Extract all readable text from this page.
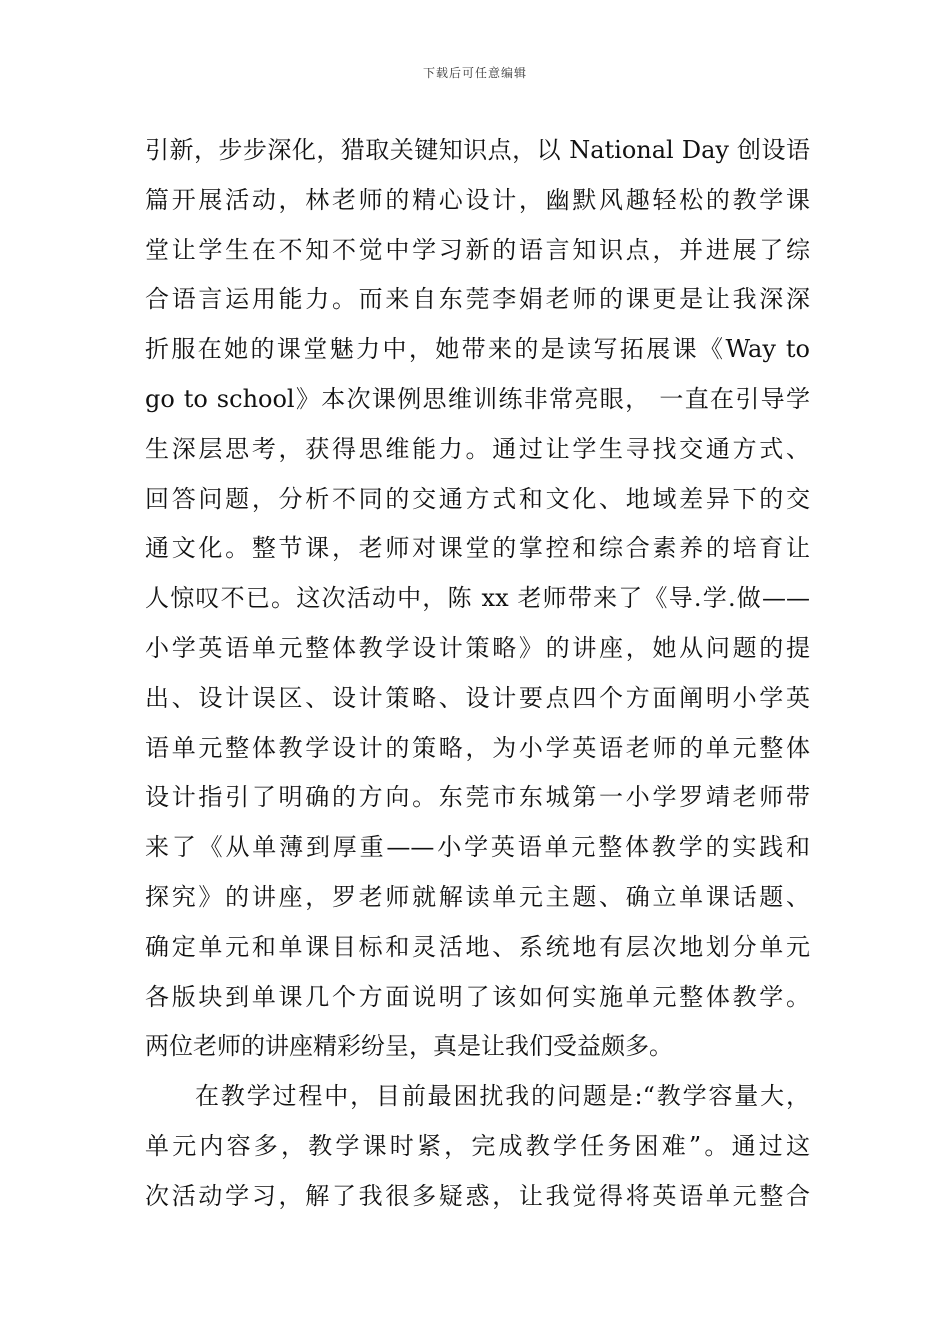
下载后可任意编辑
引新，步步深化，猎取关键知识点，以 National Day 创设语
篇开展活动，林老师的精心设计，幽默风趣轻松的教学课
堂让学生在不知不觉中学习新的语言知识点，并进展了综
合语言运用能力。而来自东莞李娟老师的课更是让我深深
折服在她的课堂魅力中，她带来的是读写拓展课《Way to
go to school》本次课例思维训练非常亮眼， 一直在引导学
生深层思考，获得思维能力。通过让学生寻找交通方式、
回答问题，分析不同的交通方式和文化、地域差异下的交
通文化。整节课，老师对课堂的掌控和综合素养的培育让
人惊叹不已。这次活动中，陈 xx 老师带来了《导.学.做——
小学英语单元整体教学设计策略》的讲座，她从问题的提
出、设计误区、设计策略、设计要点四个方面阐明小学英
语单元整体教学设计的策略，为小学英语老师的单元整体
设计指引了明确的方向。东莞市东城第一小学罗靖老师带
来了《从单薄到厚重——小学英语单元整体教学的实践和
探究》的讲座，罗老师就解读单元主题、确立单课话题、
确定单元和单课目标和灵活地、系统地有层次地划分单元
各版块到单课几个方面说明了该如何实施单元整体教学。
两位老师的讲座精彩纷呈，真是让我们受益颇多。
在教学过程中，目前最困扰我的问题是:“教学容量大，
单元内容多，教学课时紧，完成教学任务困难”。通过这
次活动学习，解了我很多疑惑，让我觉得将英语单元整合
